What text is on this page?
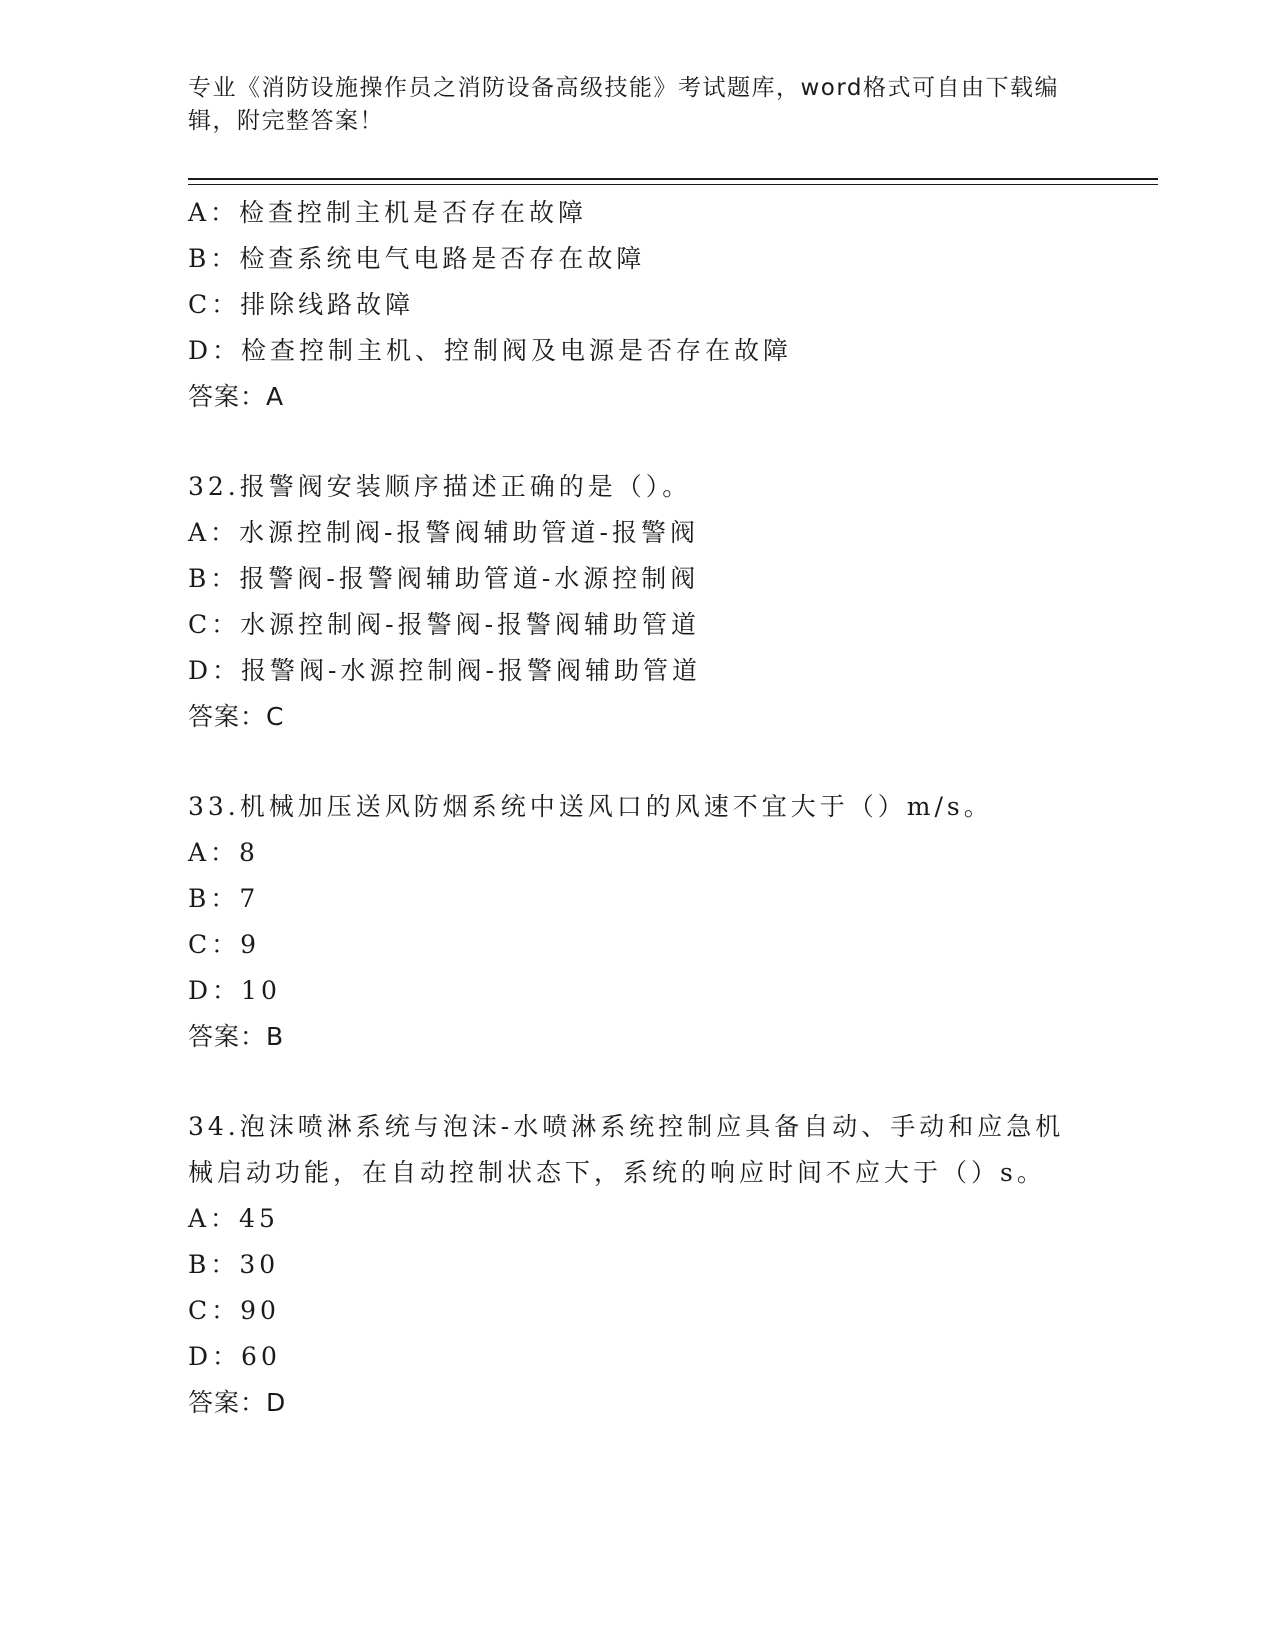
专业《消防设施操作员之消防设备高级技能》考试题库，word格式可自由下载编
辑，附完整答案！
A：检查控制主机是否存在故障
B：检查系统电气电路是否存在故障
C：排除线路故障
D：检查控制主机、控制阀及电源是否存在故障
答案：A
32.报警阀安装顺序描述正确的是（）。
A：水源控制阀-报警阀辅助管道-报警阀
B：报警阀-报警阀辅助管道-水源控制阀
C：水源控制阀-报警阀-报警阀辅助管道
D：报警阀-水源控制阀-报警阀辅助管道
答案：C
33.机械加压送风防烟系统中送风口的风速不宜大于（）m/s。
A：8
B：7
C：9
D：10
答案：B
34.泡沫喷淋系统与泡沫-水喷淋系统控制应具备自动、手动和应急机
械启动功能，在自动控制状态下，系统的响应时间不应大于（）s。
A：45
B：30
C：90
D：60
答案：D
